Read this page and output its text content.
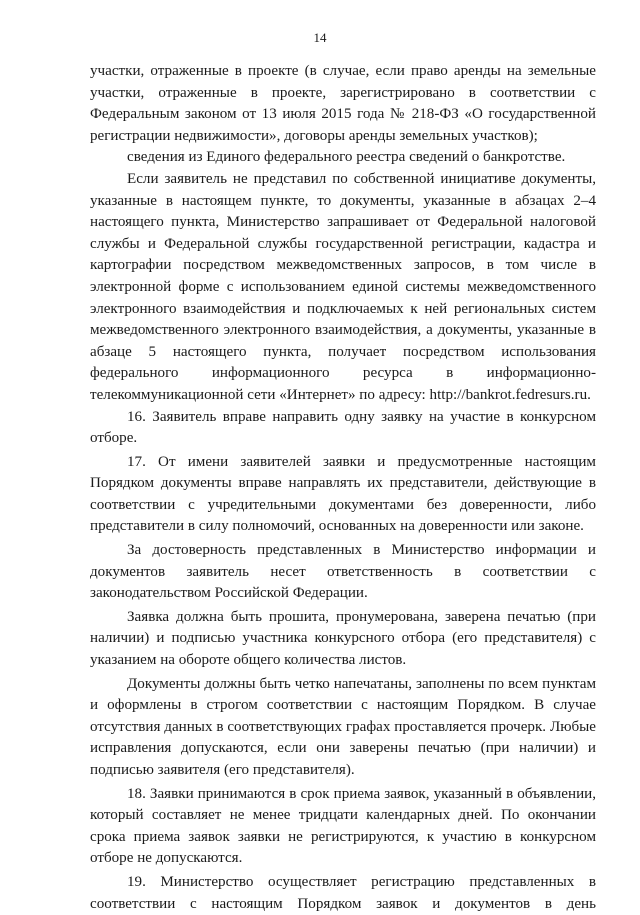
14

участки, отраженные в проекте (в случае, если право аренды на земельные участки, отраженные в проекте, зарегистрировано в соответствии с Федеральным законом от 13 июля 2015 года № 218-ФЗ «О государственной регистрации недвижимости», договоры аренды земельных участков);

сведения из Единого федерального реестра сведений о банкротстве.

Если заявитель не представил по собственной инициативе документы, указанные в настоящем пункте, то документы, указанные в абзацах 2–4 настоящего пункта, Министерство запрашивает от Федеральной налоговой службы и Федеральной службы государственной регистрации, кадастра и картографии посредством межведомственных запросов, в том числе в электронной форме с использованием единой системы межведомственного электронного взаимодействия и подключаемых к ней региональных систем межведомственного электронного взаимодействия, а документы, указанные в абзаце 5 настоящего пункта, получает посредством использования федерального информационного ресурса в информационно-телекоммуникационной сети «Интернет» по адресу: http://bankrot.fedresurs.ru.

16. Заявитель вправе направить одну заявку на участие в конкурсном отборе.

17. От имени заявителей заявки и предусмотренные настоящим Порядком документы вправе направлять их представители, действующие в соответствии с учредительными документами без доверенности, либо представители в силу полномочий, основанных на доверенности или законе.

За достоверность представленных в Министерство информации и документов заявитель несет ответственность в соответствии с законодательством Российской Федерации.

Заявка должна быть прошита, пронумерована, заверена печатью (при наличии) и подписью участника конкурсного отбора (его представителя) с указанием на обороте общего количества листов.

Документы должны быть четко напечатаны, заполнены по всем пунктам и оформлены в строгом соответствии с настоящим Порядком. В случае отсутствия данных в соответствующих графах проставляется прочерк. Любые исправления допускаются, если они заверены печатью (при наличии) и подписью заявителя (его представителя).

18. Заявки принимаются в срок приема заявок, указанный в объявлении, который составляет не менее тридцати календарных дней. По окончании срока приема заявок заявки не регистрируются, к участию в конкурсном отборе не допускаются.

19. Министерство осуществляет регистрацию представленных в соответствии с настоящим Порядком заявок и документов в день
